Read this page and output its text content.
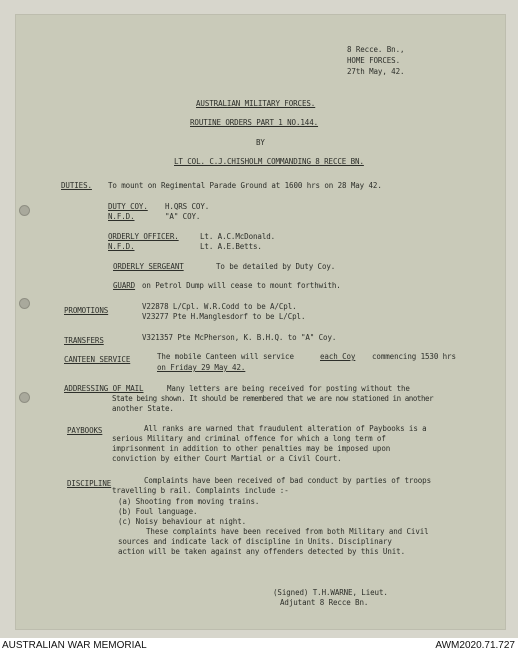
8 Recce. Bn.,
HOME FORCES.
27th May, 42.
AUSTRALIAN MILITARY FORCES.
ROUTINE ORDERS PART 1 NO.144.
BY
LT COL. C.J.CHISHOLM COMMANDING 8 RECCE BN.
DUTIES. To mount on Regimental Parade Ground at 1600 hrs on 28 May 42.
DUTY COY. H.QRS COY.
N.F.D.	"A" COY.
ORDERLY OFFICER.	Lt. A.C.McDonald.
N.F.D.	Lt. A.E.Betts.
ORDERLY SERGEANT	To be detailed by Duty Coy.
GUARD on Petrol Dump will cease to mount forthwith.
PROMOTIONS	V22878 L/Cpl. W.R.Codd to be A/Cpl.
V23277 Pte H.Manglesdorf to be L/Cpl.
TRANSFERS	V321357 Pte McPherson, K. B.H.Q. to "A" Coy.
CANTEEN SERVICE	The mobile Canteen will service	each Coy commencing 1530 hrs
on Friday 29 May 42.
ADDRESSING OF MAIL	Many letters are being received for posting without the
State being shown. It should be remembered that we are now stationed in another
another State.
PAYBOOKS	All ranks are warned that fraudulent alteration of Paybooks is a
serious Military and criminal offence for which a long term of
imprisonment in addition to other penalties may be imposed upon
conviction by either Court Martial or a Civil Court.
DISCIPLINE	Complaints have been received of bad conduct by parties of troops
travelling b rail. Complaints include :-
(a) Shooting from moving trains.
(b) Foul language.
(c) Noisy behaviour at night.
These complaints have been received from both Military and Civil
sources and indicate lack of discipline in Units. Disciplinary
action will be taken against any offenders detected by this Unit.
(Signed) T.H.WARNE, Lieut.
Adjutant 8 Recce Bn.
AUSTRALIAN WAR MEMORIAL	AWM2020.71.727
